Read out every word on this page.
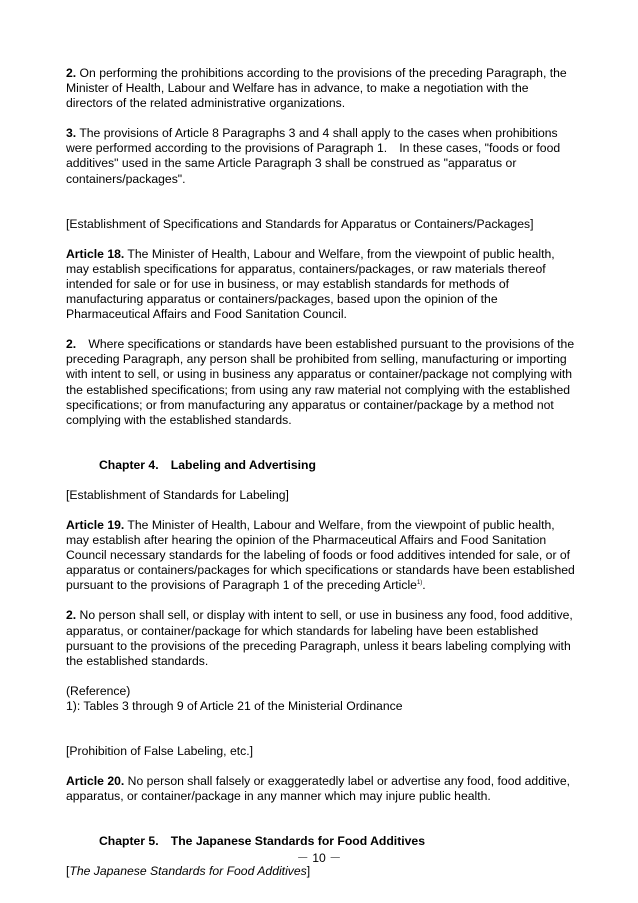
2. On performing the prohibitions according to the provisions of the preceding Paragraph, the Minister of Health, Labour and Welfare has in advance, to make a negotiation with the directors of the related administrative organizations.

3. The provisions of Article 8 Paragraphs 3 and 4 shall apply to the cases when prohibitions were performed according to the provisions of Paragraph 1.　In these cases, "foods or food additives" used in the same Article Paragraph 3 shall be construed as "apparatus or containers/packages".

[Establishment of Specifications and Standards for Apparatus or Containers/Packages]

Article 18. The Minister of Health, Labour and Welfare, from the viewpoint of public health, may establish specifications for apparatus, containers/packages, or raw materials thereof intended for sale or for use in business, or may establish standards for methods of manufacturing apparatus or containers/packages, based upon the opinion of the Pharmaceutical Affairs and Food Sanitation Council.

2.　Where specifications or standards have been established pursuant to the provisions of the preceding Paragraph, any person shall be prohibited from selling, manufacturing or importing with intent to sell, or using in business any apparatus or container/package not complying with the established specifications; from using any raw material not complying with the established specifications; or from manufacturing any apparatus or container/package by a method not complying with the established standards.

Chapter 4.　Labeling and Advertising

[Establishment of Standards for Labeling]

Article 19. The Minister of Health, Labour and Welfare, from the viewpoint of public health, may establish after hearing the opinion of the Pharmaceutical Affairs and Food Sanitation Council necessary standards for the labeling of foods or food additives intended for sale, or of apparatus or containers/packages for which specifications or standards have been established pursuant to the provisions of Paragraph 1 of the preceding Article$^{1)}$.

2. No person shall sell, or display with intent to sell, or use in business any food, food additive, apparatus, or container/package for which standards for labeling have been established pursuant to the provisions of the preceding Paragraph, unless it bears labeling complying with the established standards.

(Reference)

1): Tables 3 through 9 of Article 21 of the Ministerial Ordinance

[Prohibition of False Labeling, etc.]

Article 20. No person shall falsely or exaggeratedly label or advertise any food, food additive, apparatus, or container/package in any manner which may injure public health.

Chapter 5.　The Japanese Standards for Food Additives

[The Japanese Standards for Food Additives]

－ 10 －
